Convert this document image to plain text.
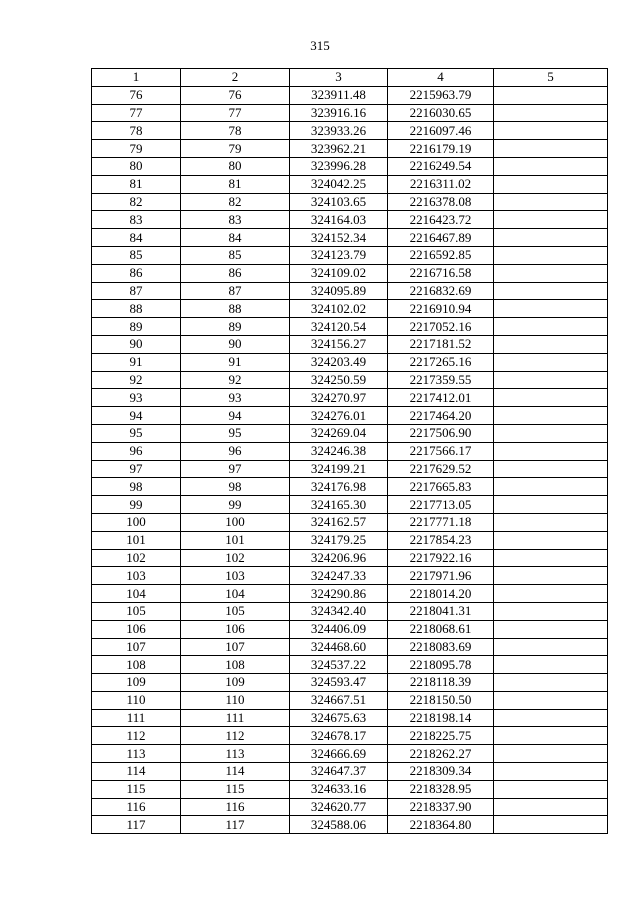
315
1	2	3	4	5
76	76	323911.48	2215963.79	
77	77	323916.16	2216030.65	
78	78	323933.26	2216097.46	
79	79	323962.21	2216179.19	
80	80	323996.28	2216249.54	
81	81	324042.25	2216311.02	
82	82	324103.65	2216378.08	
83	83	324164.03	2216423.72	
84	84	324152.34	2216467.89	
85	85	324123.79	2216592.85	
86	86	324109.02	2216716.58	
87	87	324095.89	2216832.69	
88	88	324102.02	2216910.94	
89	89	324120.54	2217052.16	
90	90	324156.27	2217181.52	
91	91	324203.49	2217265.16	
92	92	324250.59	2217359.55	
93	93	324270.97	2217412.01	
94	94	324276.01	2217464.20	
95	95	324269.04	2217506.90	
96	96	324246.38	2217566.17	
97	97	324199.21	2217629.52	
98	98	324176.98	2217665.83	
99	99	324165.30	2217713.05	
100	100	324162.57	2217771.18	
101	101	324179.25	2217854.23	
102	102	324206.96	2217922.16	
103	103	324247.33	2217971.96	
104	104	324290.86	2218014.20	
105	105	324342.40	2218041.31	
106	106	324406.09	2218068.61	
107	107	324468.60	2218083.69	
108	108	324537.22	2218095.78	
109	109	324593.47	2218118.39	
110	110	324667.51	2218150.50	
111	111	324675.63	2218198.14	
112	112	324678.17	2218225.75	
113	113	324666.69	2218262.27	
114	114	324647.37	2218309.34	
115	115	324633.16	2218328.95	
116	116	324620.77	2218337.90	
117	117	324588.06	2218364.80	
